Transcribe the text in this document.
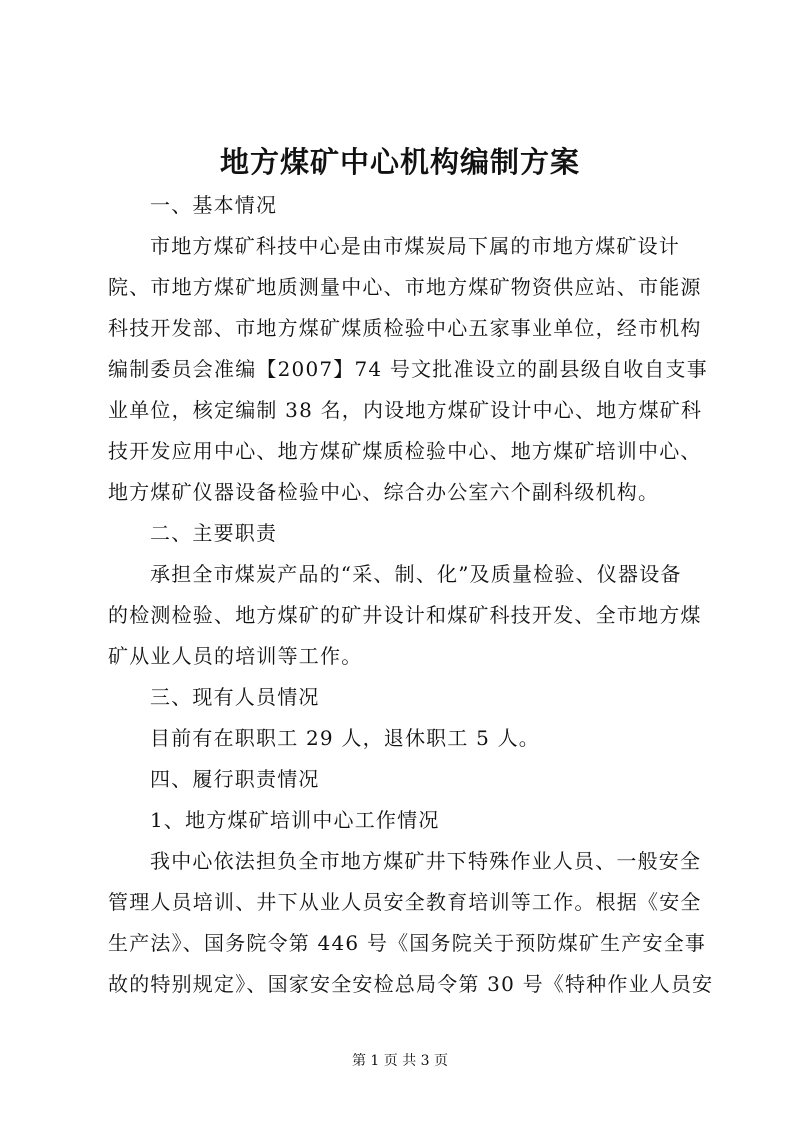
地方煤矿中心机构编制方案
一、基本情况
市地方煤矿科技中心是由市煤炭局下属的市地方煤矿设计
院、市地方煤矿地质测量中心、市地方煤矿物资供应站、市能源
科技开发部、市地方煤矿煤质检验中心五家事业单位，经市机构
编制委员会准编【2007】74 号文批准设立的副县级自收自支事
业单位，核定编制 38 名，内设地方煤矿设计中心、地方煤矿科
技开发应用中心、地方煤矿煤质检验中心、地方煤矿培训中心、
地方煤矿仪器设备检验中心、综合办公室六个副科级机构。
二、主要职责
承担全市煤炭产品的“采、制、化”及质量检验、仪器设备
的检测检验、地方煤矿的矿井设计和煤矿科技开发、全市地方煤
矿从业人员的培训等工作。
三、现有人员情况
目前有在职职工 29 人，退休职工 5 人。
四、履行职责情况
1、地方煤矿培训中心工作情况
我中心依法担负全市地方煤矿井下特殊作业人员、一般安全
管理人员培训、井下从业人员安全教育培训等工作。根据《安全
生产法》、国务院令第 446 号《国务院关于预防煤矿生产安全事
故的特别规定》、国家安全安检总局令第 30 号《特种作业人员安
第 1 页 共 3 页
